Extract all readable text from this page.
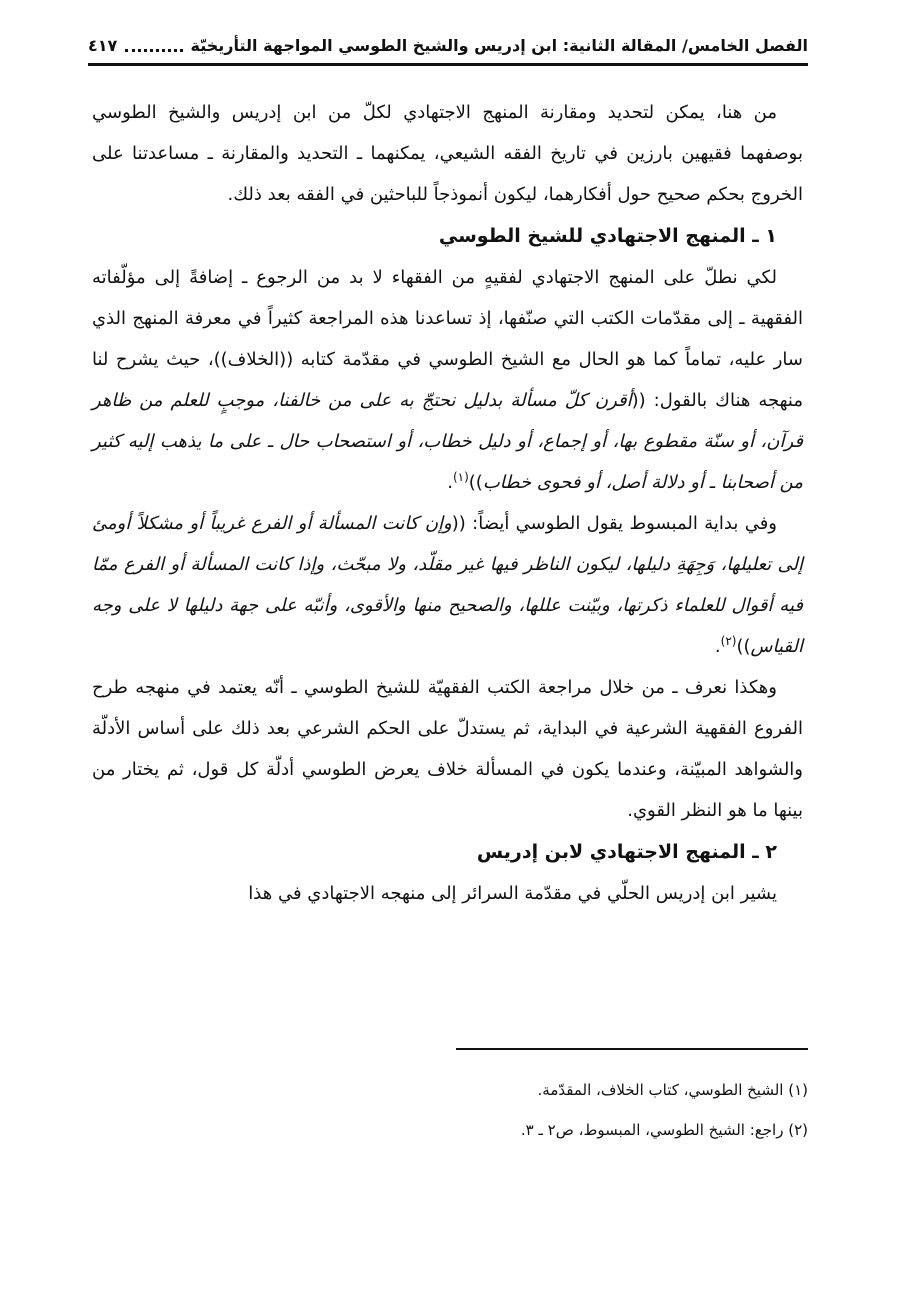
الفصل الخامس/ المقالة الثانية: ابن إدريس والشيخ الطوسي المواجهة التأريخيّة
٤١٧

من هنا، يمكن لتحديد ومقارنة المنهج الاجتهادي لكلّ من ابن إدريس والشيخ الطوسي بوصفهما فقيهين بارزين في تاريخ الفقه الشيعي، يمكنهما ـ التحديد والمقارنة ـ مساعدتنا على الخروج بحكم صحيح حول أفكارهما، ليكون أنموذجاً للباحثين في الفقه بعد ذلك.

١ ـ المنهج الاجتهادي للشيخ الطوسي

لكي نطلّ على المنهج الاجتهادي لفقيهٍ من الفقهاء لا بد من الرجوع ـ إضافةً إلى مؤلّفاته الفقهية ـ إلى مقدّمات الكتب التي صنّفها، إذ تساعدنا هذه المراجعة كثيراً في معرفة المنهج الذي سار عليه، تماماً كما هو الحال مع الشيخ الطوسي في مقدّمة كتابه ((الخلاف))، حيث يشرح لنا منهجه هناك بالقول: ((أقرن كلّ مسألة بدليل نحتجّ به على من خالفنا، موجبٍ للعلم من ظاهر قرآن، أو سنّة مقطوع بها، أو إجماع، أو دليل خطاب، أو استصحاب حال ـ على ما يذهب إليه كثير من أصحابنا ـ أو دلالة أصل، أو فحوى خطاب))$^{(١)}$.

وفي بداية المبسوط يقول الطوسي أيضاً: ((وإن كانت المسألة أو الفرع غريباً أو مشكلاً أومئ إلى تعليلها، وَجِهَةِ دليلها، ليكون الناظر فيها غير مقلّد، ولا مبحّث، وإذا كانت المسألة أو الفرع ممّا فيه أقوال للعلماء ذكرتها، وبيّنت عللها، والصحيح منها والأقوى، وأنبّه على جهة دليلها لا على وجه القياس))$^{(٢)}$.

وهكذا نعرف ـ من خلال مراجعة الكتب الفقهيّة للشيخ الطوسي ـ أنّه يعتمد في منهجه طرح الفروع الفقهية الشرعية في البداية، ثم يستدلّ على الحكم الشرعي بعد ذلك على أساس الأدلّة والشواهد المبيّنة، وعندما يكون في المسألة خلاف يعرض الطوسي أدلّة كل قول، ثم يختار من بينها ما هو النظر القوي.

٢ ـ المنهج الاجتهادي لابن إدريس

يشير ابن إدريس الحلّي في مقدّمة السرائر إلى منهجه الاجتهادي في هذا

(١) الشيخ الطوسي، كتاب الخلاف، المقدّمة.

(٢) راجع: الشيخ الطوسي، المبسوط، ص٢ ـ ٣.
